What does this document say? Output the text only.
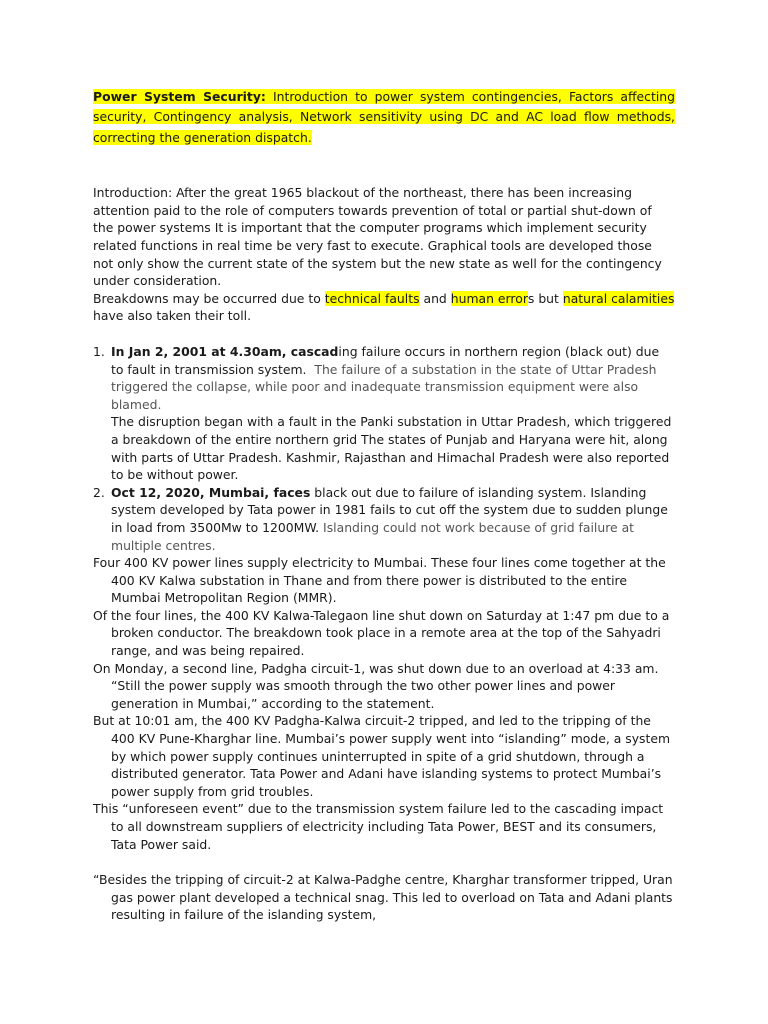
Power System Security: Introduction to power system contingencies, Factors affecting security, Contingency analysis, Network sensitivity using DC and AC load flow methods, correcting the generation dispatch.

Introduction: After the great 1965 blackout of the northeast, there has been increasing attention paid to the role of computers towards prevention of total or partial shut-down of the power systems It is important that the computer programs which implement security related functions in real time be very fast to execute. Graphical tools are developed those not only show the current state of the system but the new state as well for the contingency under consideration.

Breakdowns may be occurred due to technical faults and human errors but natural calamities have also taken their toll.

1. In Jan 2, 2001 at 4.30am, cascading failure occurs in northern region (black out) due to fault in transmission system. The failure of a substation in the state of Uttar Pradesh triggered the collapse, while poor and inadequate transmission equipment were also blamed.
The disruption began with a fault in the Panki substation in Uttar Pradesh, which triggered a breakdown of the entire northern grid The states of Punjab and Haryana were hit, along with parts of Uttar Pradesh. Kashmir, Rajasthan and Himachal Pradesh were also reported to be without power.
2. Oct 12, 2020, Mumbai, faces black out due to failure of islanding system. Islanding system developed by Tata power in 1981 fails to cut off the system due to sudden plunge in load from 3500Mw to 1200MW. Islanding could not work because of grid failure at multiple centres.

Four 400 KV power lines supply electricity to Mumbai. These four lines come together at the 400 KV Kalwa substation in Thane and from there power is distributed to the entire Mumbai Metropolitan Region (MMR).

Of the four lines, the 400 KV Kalwa-Talegaon line shut down on Saturday at 1:47 pm due to a broken conductor. The breakdown took place in a remote area at the top of the Sahyadri range, and was being repaired.

On Monday, a second line, Padgha circuit-1, was shut down due to an overload at 4:33 am. “Still the power supply was smooth through the two other power lines and power generation in Mumbai,” according to the statement.

But at 10:01 am, the 400 KV Padgha-Kalwa circuit-2 tripped, and led to the tripping of the 400 KV Pune-Kharghar line. Mumbai’s power supply went into “islanding” mode, a system by which power supply continues uninterrupted in spite of a grid shutdown, through a distributed generator. Tata Power and Adani have islanding systems to protect Mumbai’s power supply from grid troubles.

This “unforeseen event” due to the transmission system failure led to the cascading impact to all downstream suppliers of electricity including Tata Power, BEST and its consumers, Tata Power said.

“Besides the tripping of circuit-2 at Kalwa-Padghe centre, Kharghar transformer tripped, Uran gas power plant developed a technical snag. This led to overload on Tata and Adani plants resulting in failure of the islanding system,
